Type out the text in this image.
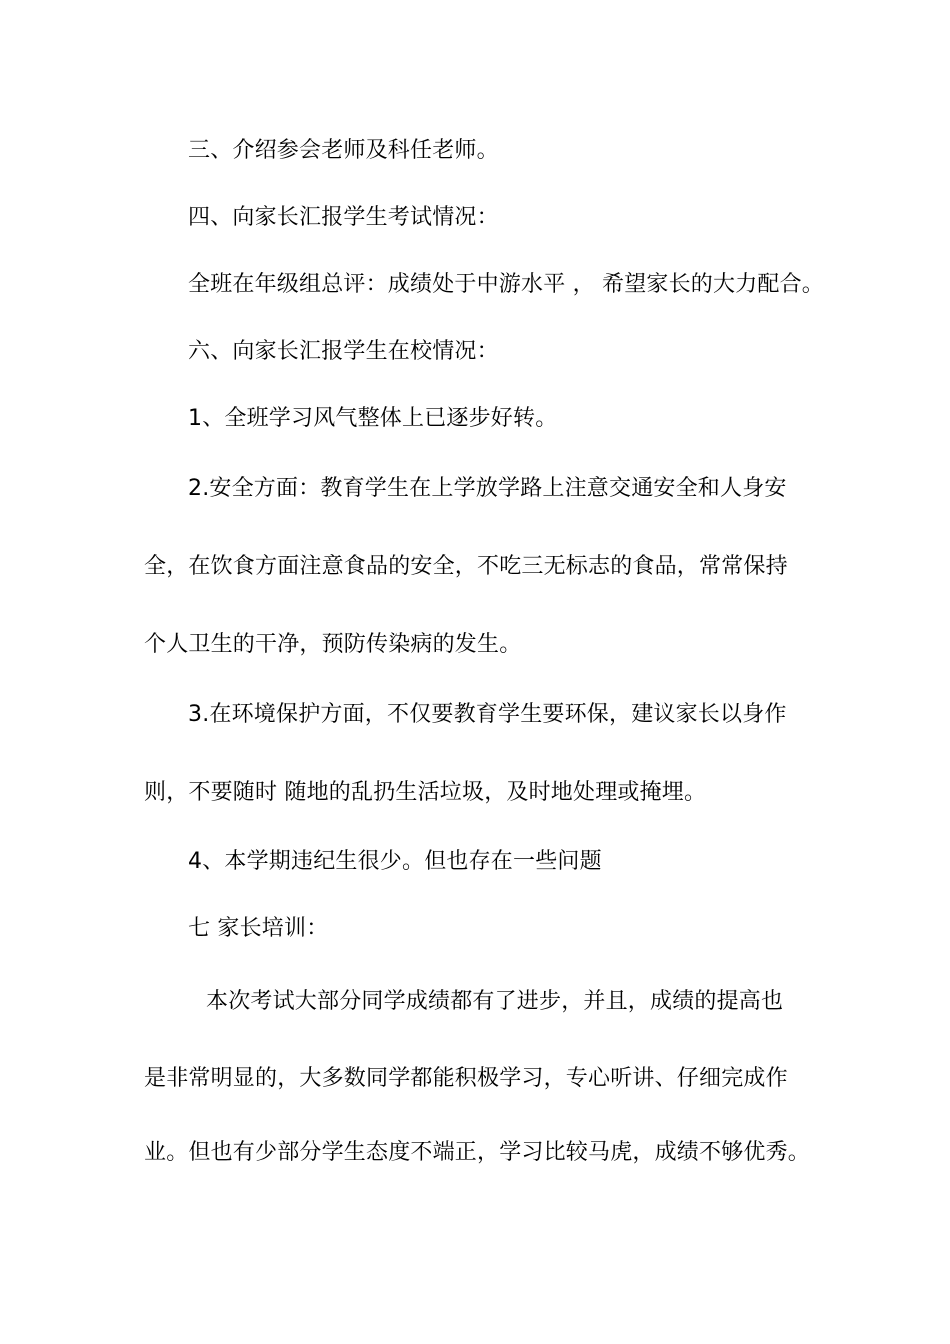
三、介绍参会老师及科任老师。
四、向家长汇报学生考试情况：
全班在年级组总评：成绩处于中游水平 ， 希望家长的大力配合。
六、向家长汇报学生在校情况：
1、全班学习风气整体上已逐步好转。
2.安全方面：教育学生在上学放学路上注意交通安全和人身安
全，在饮食方面注意食品的安全，不吃三无标志的食品，常常保持
个人卫生的干净，预防传染病的发生。
3.在环境保护方面，不仅要教育学生要环保，建议家长以身作
则，不要随时 随地的乱扔生活垃圾，及时地处理或掩埋。
4、本学期违纪生很少。但也存在一些问题
七 家长培训：
本次考试大部分同学成绩都有了进步，并且，成绩的提高也
是非常明显的，大多数同学都能积极学习，专心听讲、仔细完成作
业。但也有少部分学生态度不端正，学习比较马虎，成绩不够优秀。
